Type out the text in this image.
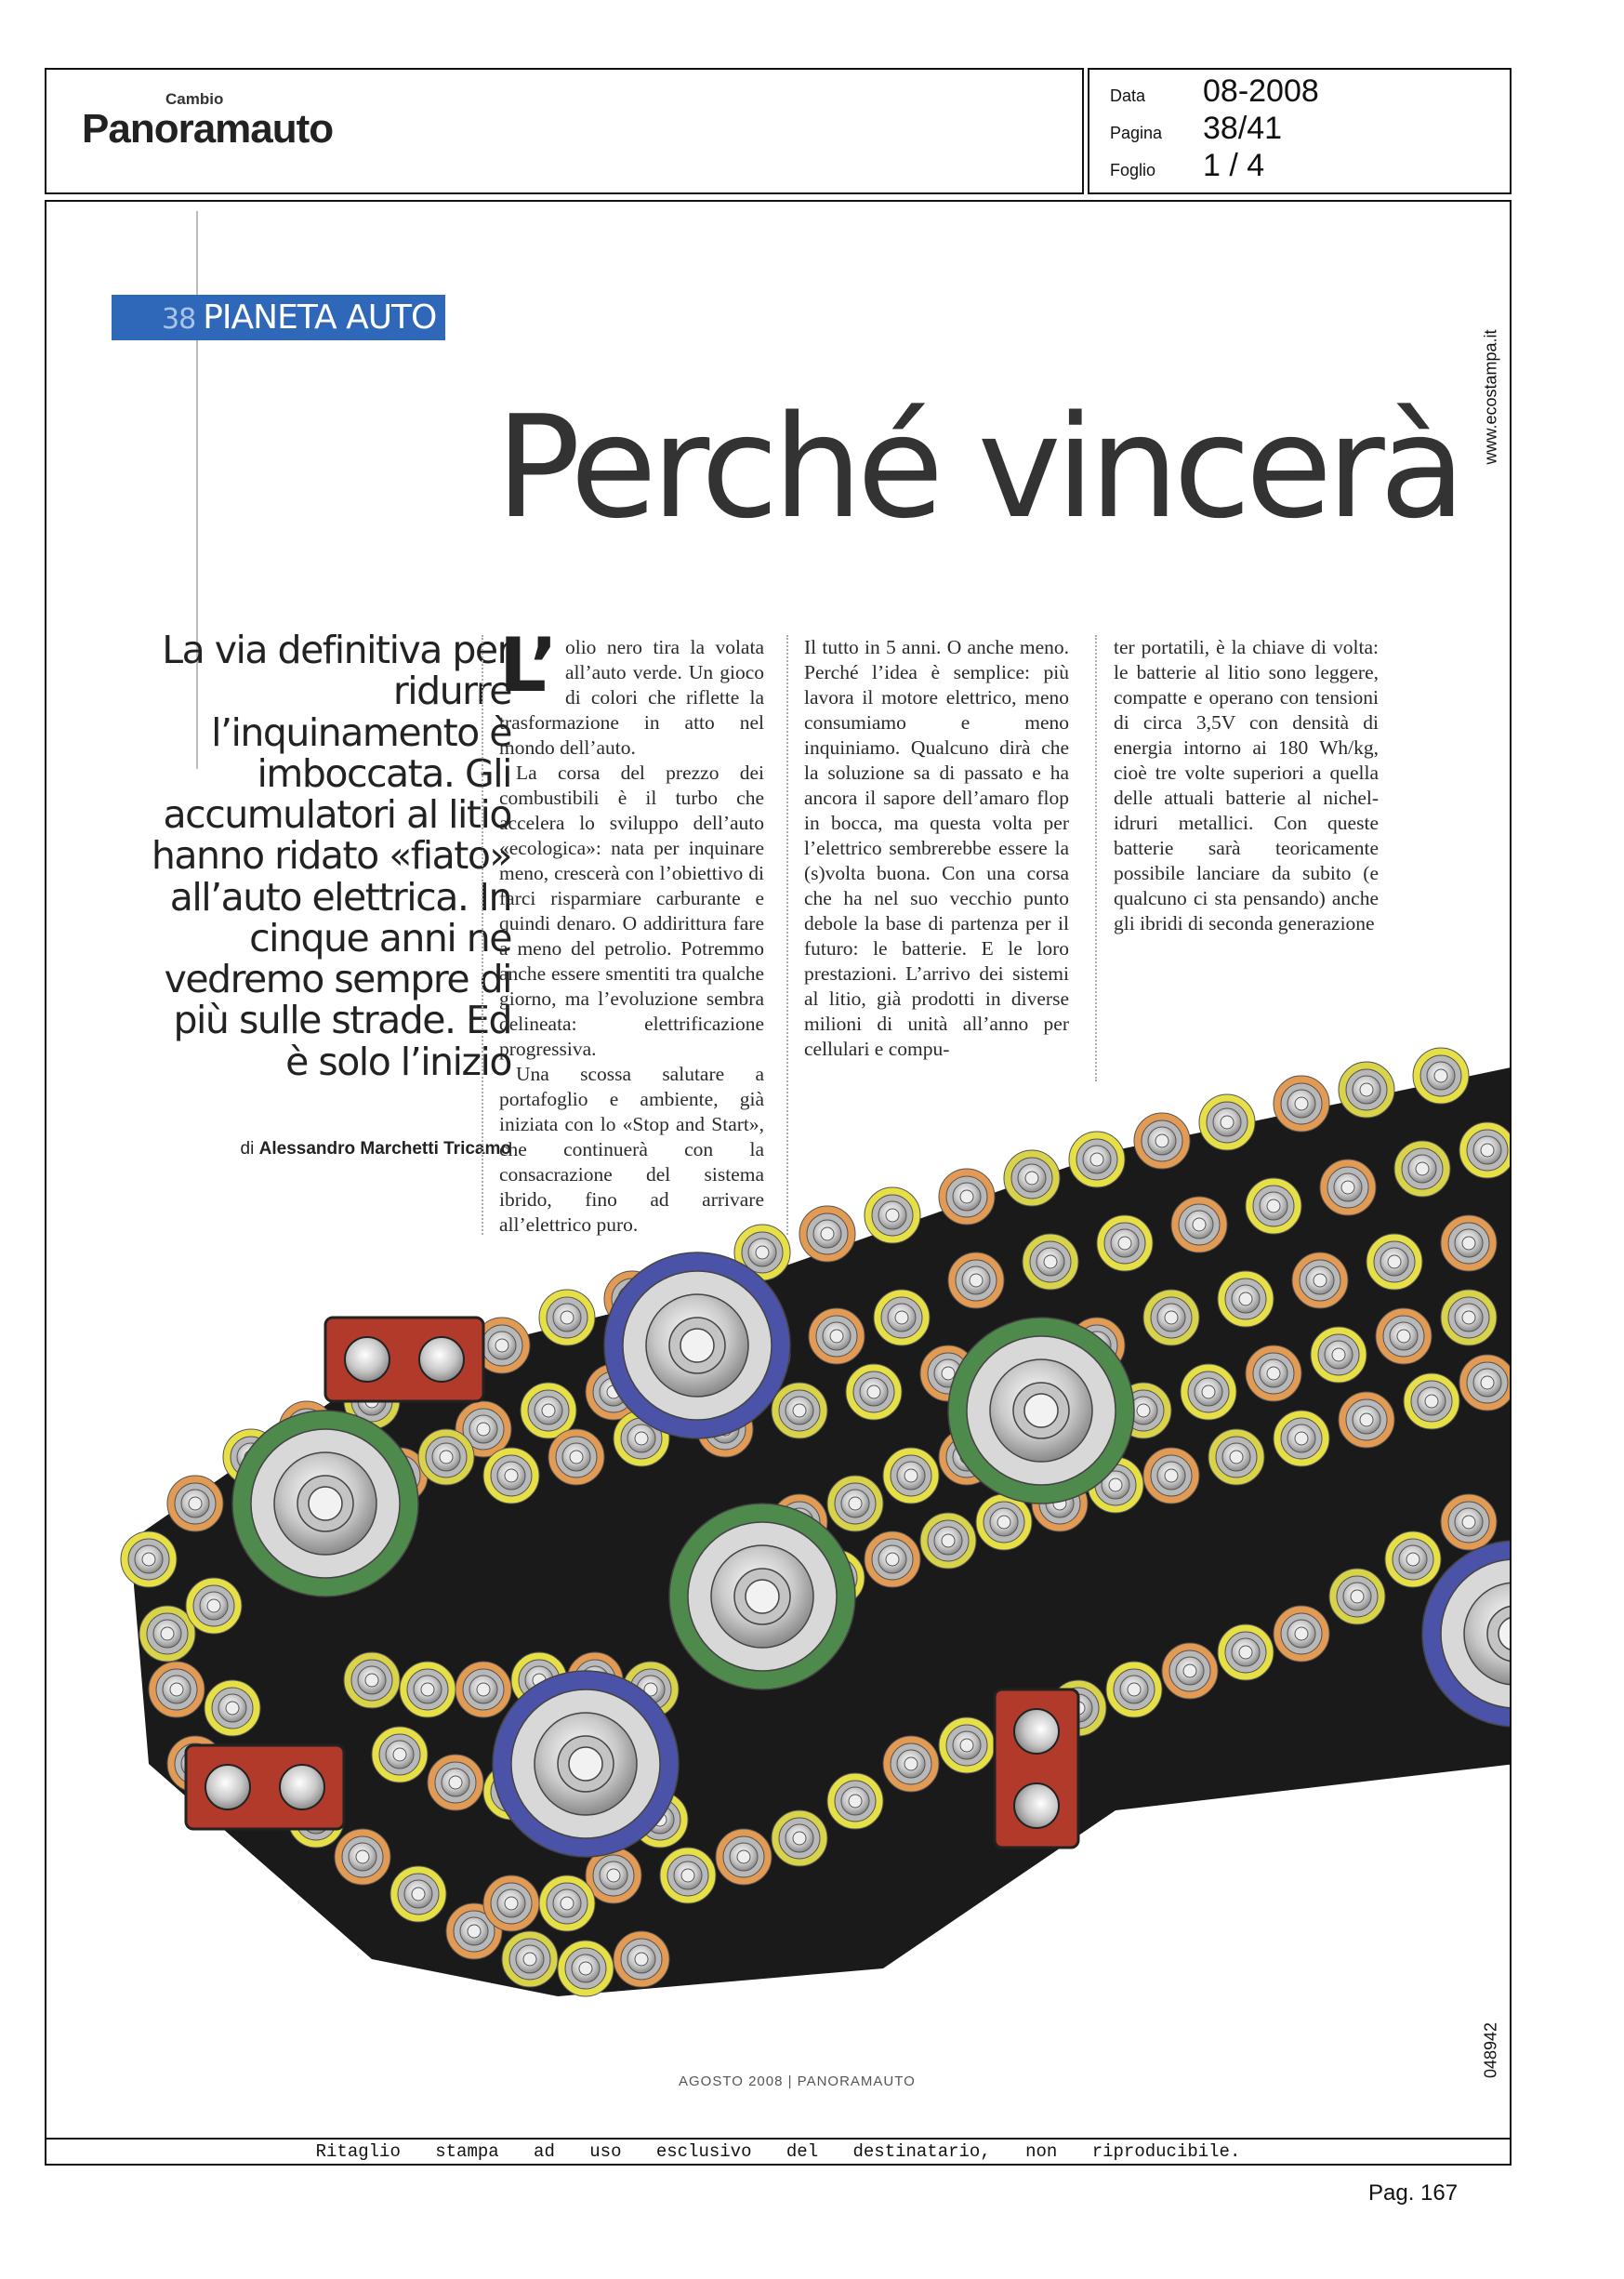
Cambio
Panoramauto
Data	08-2008
Pagina	38/41
Foglio	1 / 4
www.ecostampa.it
048942
38 PIANETA AUTO
Perché vincerà
La via definitiva per ridurre l’inquinamento è imboccata. Gli accumulatori al litio hanno ridato «fiato» all’auto elettrica. In cinque anni ne vedremo sempre di più sulle strade. Ed è solo l’inizio
di Alessandro Marchetti Tricamo

L’ olio nero tira la volata all’auto verde. Un gioco di colori che riflette la trasformazione in atto nel mondo dell’auto.

La corsa del prezzo dei combustibili è il turbo che accelera lo sviluppo dell’auto «ecologica»: nata per inquinare meno, crescerà con l’obiettivo di farci risparmiare carburante e quindi denaro. O addirittura fare a meno del petrolio. Potremmo anche essere smentiti tra qualche giorno, ma l’evoluzione sembra delineata: elettrificazione progressiva.

Una scossa salutare a portafoglio e ambiente, già iniziata con lo «Stop and Start», che continuerà con la consacrazione del sistema ibrido, fino ad arrivare all’elettrico puro.

Il tutto in 5 anni. O anche meno. Perché l’idea è semplice: più lavora il motore elettrico, meno consumiamo e meno inquiniamo. Qualcuno dirà che la soluzione sa di passato e ha ancora il sapore dell’amaro flop in bocca, ma questa volta per l’elettrico sembrerebbe essere la (s)volta buona. Con una corsa che ha nel suo vecchio punto debole la base di partenza per il futuro: le batterie. E le loro prestazioni. L’arrivo dei sistemi al litio, già prodotti in diverse milioni di unità all’anno per cellulari e compu-

ter portatili, è la chiave di volta: le batterie al litio sono leggere, compatte e operano con tensioni di circa 3,5V con densità di energia intorno ai 180 Wh/kg, cioè tre volte superiori a quella delle attuali batterie al nichel-idruri metallici. Con queste batterie sarà teoricamente possibile lanciare da subito (e qualcuno ci sta pensando) anche gli ibridi di seconda generazione

AGOSTO 2008 | PANORAMAUTO
Ritaglio stampa ad uso esclusivo del destinatario, non riproducibile.
Pag. 167
